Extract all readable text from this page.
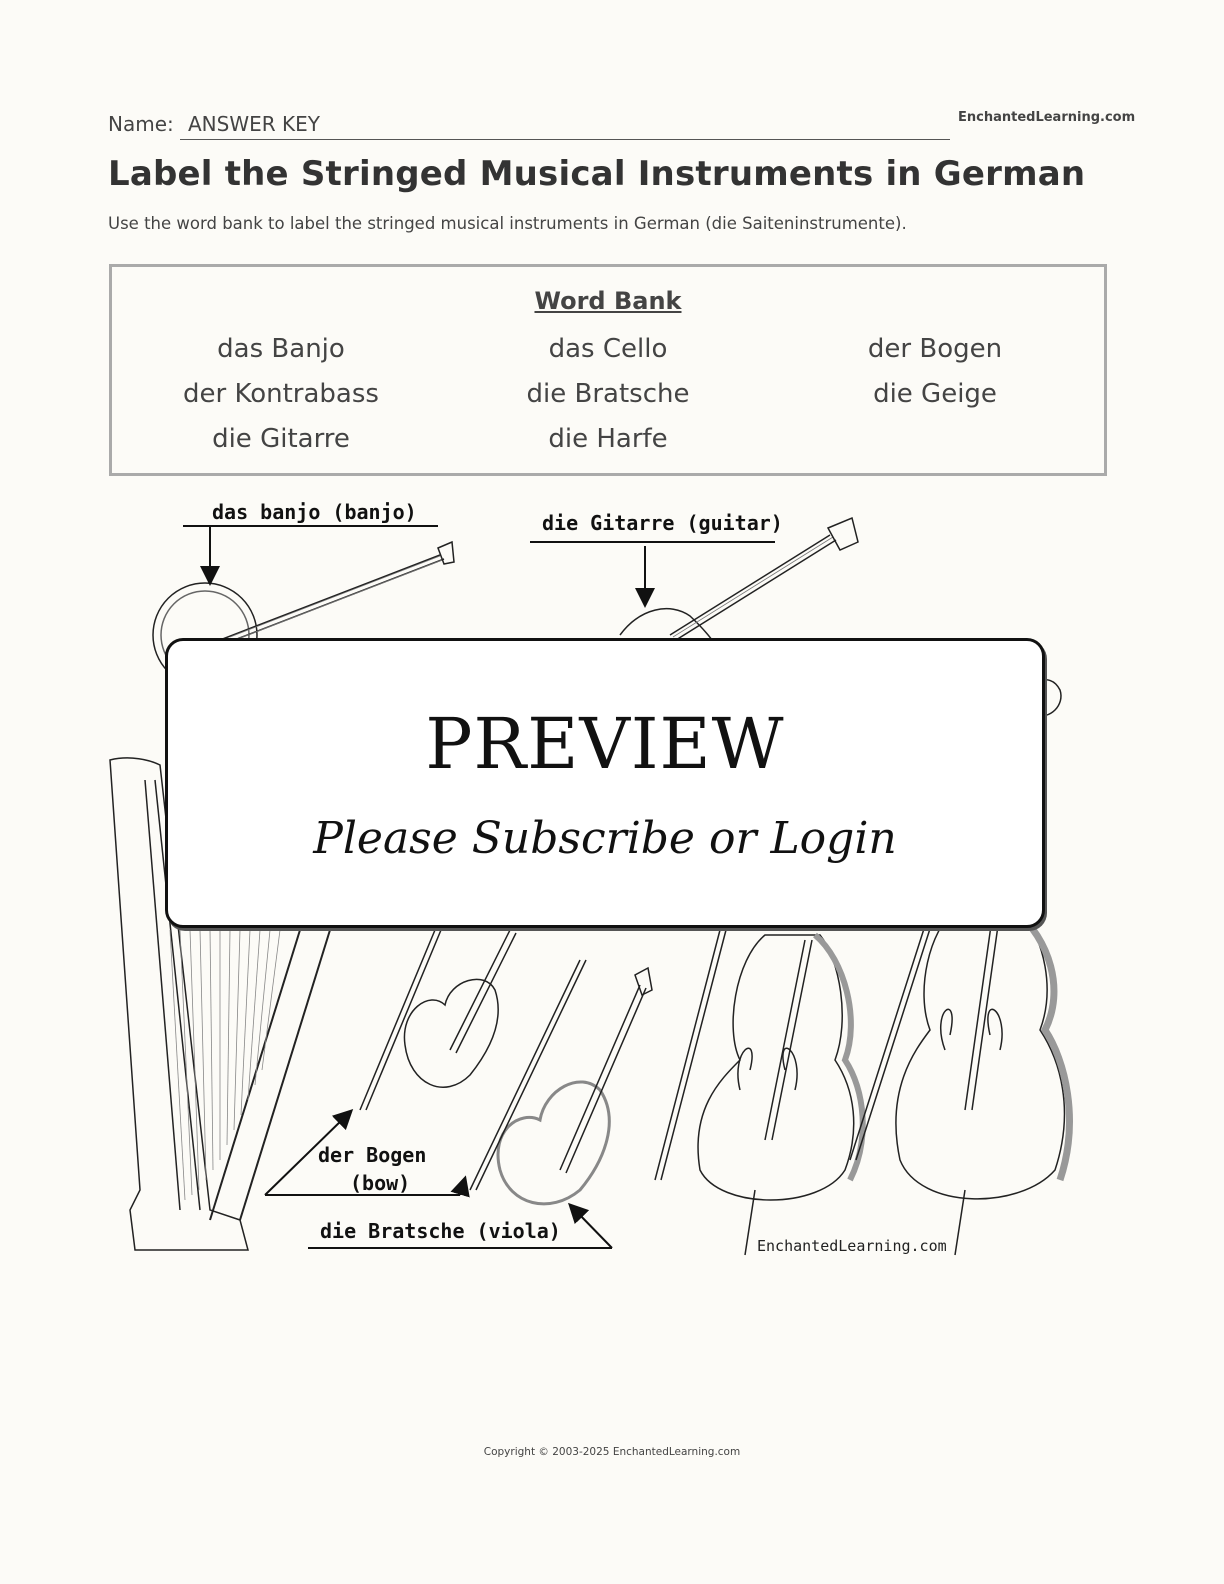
Name: ANSWER KEY	EnchantedLearning.com
Label the Stringed Musical Instruments in German
Use the word bank to label the stringed musical instruments in German (die Saiteninstrumente).
Word Bank
das Banjo
der Kontrabass
die Gitarre
das Cello
die Bratsche
die Harfe
der Bogen
die Geige
das banjo (banjo)	die Gitarre (guitar)
der Bogen
(bow)
die Bratsche (viola)
EnchantedLearning.com
PREVIEW
Please Subscribe or Login
Copyright © 2003-2025 EnchantedLearning.com
